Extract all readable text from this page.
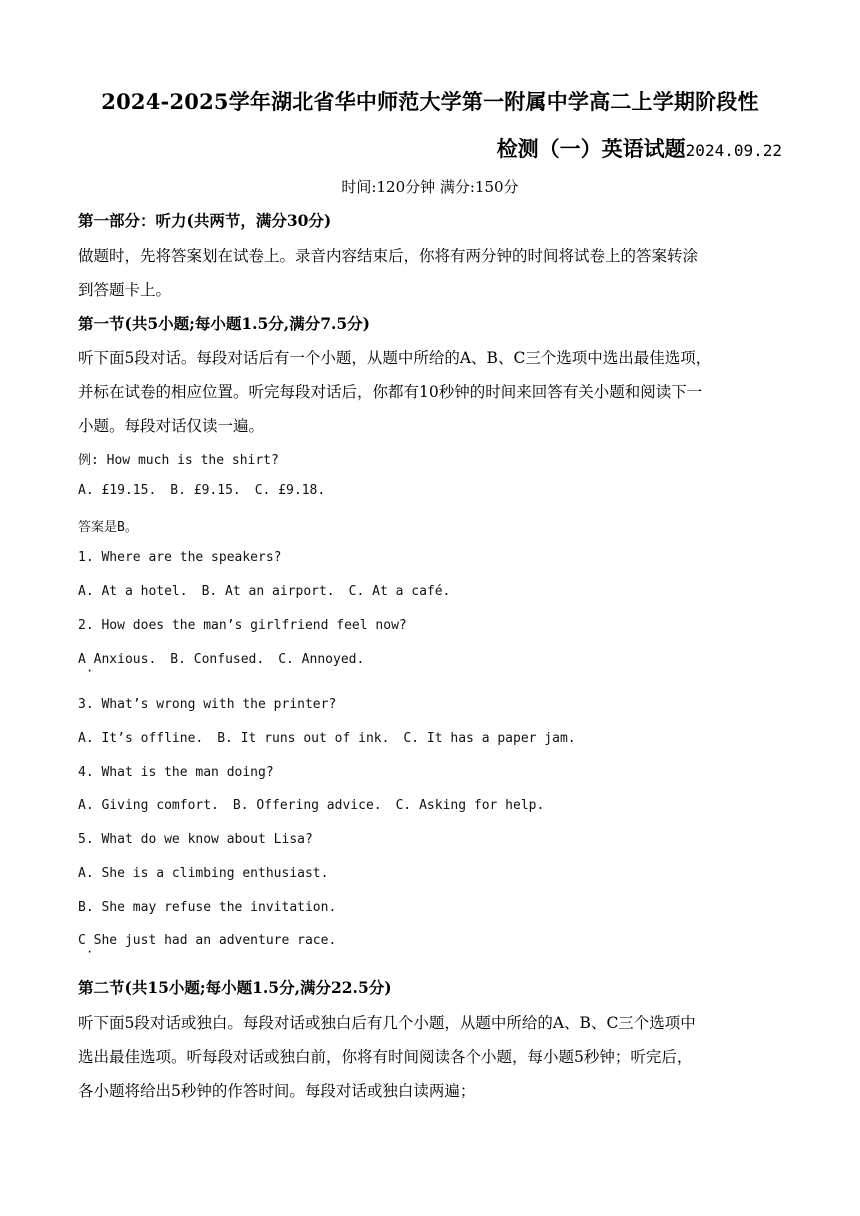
2024-2025学年湖北省华中师范大学第一附属中学高二上学期阶段性
检测（一）英语试题2024.09.22
时间:120分钟 满分:150分
第一部分：听力(共两节，满分30分)
做题时，先将答案划在试卷上。录音内容结束后，你将有两分钟的时间将试卷上的答案转涂
到答题卡上。
第一节(共5小题;每小题1.5分,满分7.5分)
听下面5段对话。每段对话后有一个小题，从题中所给的A、B、C三个选项中选出最佳选项，
并标在试卷的相应位置。听完每段对话后，你都有10秒钟的时间来回答有关小题和阅读下一
小题。每段对话仅读一遍。
例: How much is the shirt?
A. £19.15. B. £9.15. C. £9.18.
答案是B。
1. Where are the speakers?
A. At a hotel. B. At an airport. C. At a café.
2. How does the man’s girlfriend feel now?
A Anxious. B. Confused. C. Annoyed.
·
3. What’s wrong with the printer?
A. It’s offline. B. It runs out of ink. C. It has a paper jam.
4. What is the man doing?
A. Giving comfort. B. Offering advice. C. Asking for help.
5. What do we know about Lisa?
A. She is a climbing enthusiast.
B. She may refuse the invitation.
C She just had an adventure race.
·
第二节(共15小题;每小题1.5分,满分22.5分)
听下面5段对话或独白。每段对话或独白后有几个小题，从题中所给的A、B、C三个选项中
选出最佳选项。听每段对话或独白前，你将有时间阅读各个小题，每小题5秒钟；听完后，
各小题将给出5秒钟的作答时间。每段对话或独白读两遍；
